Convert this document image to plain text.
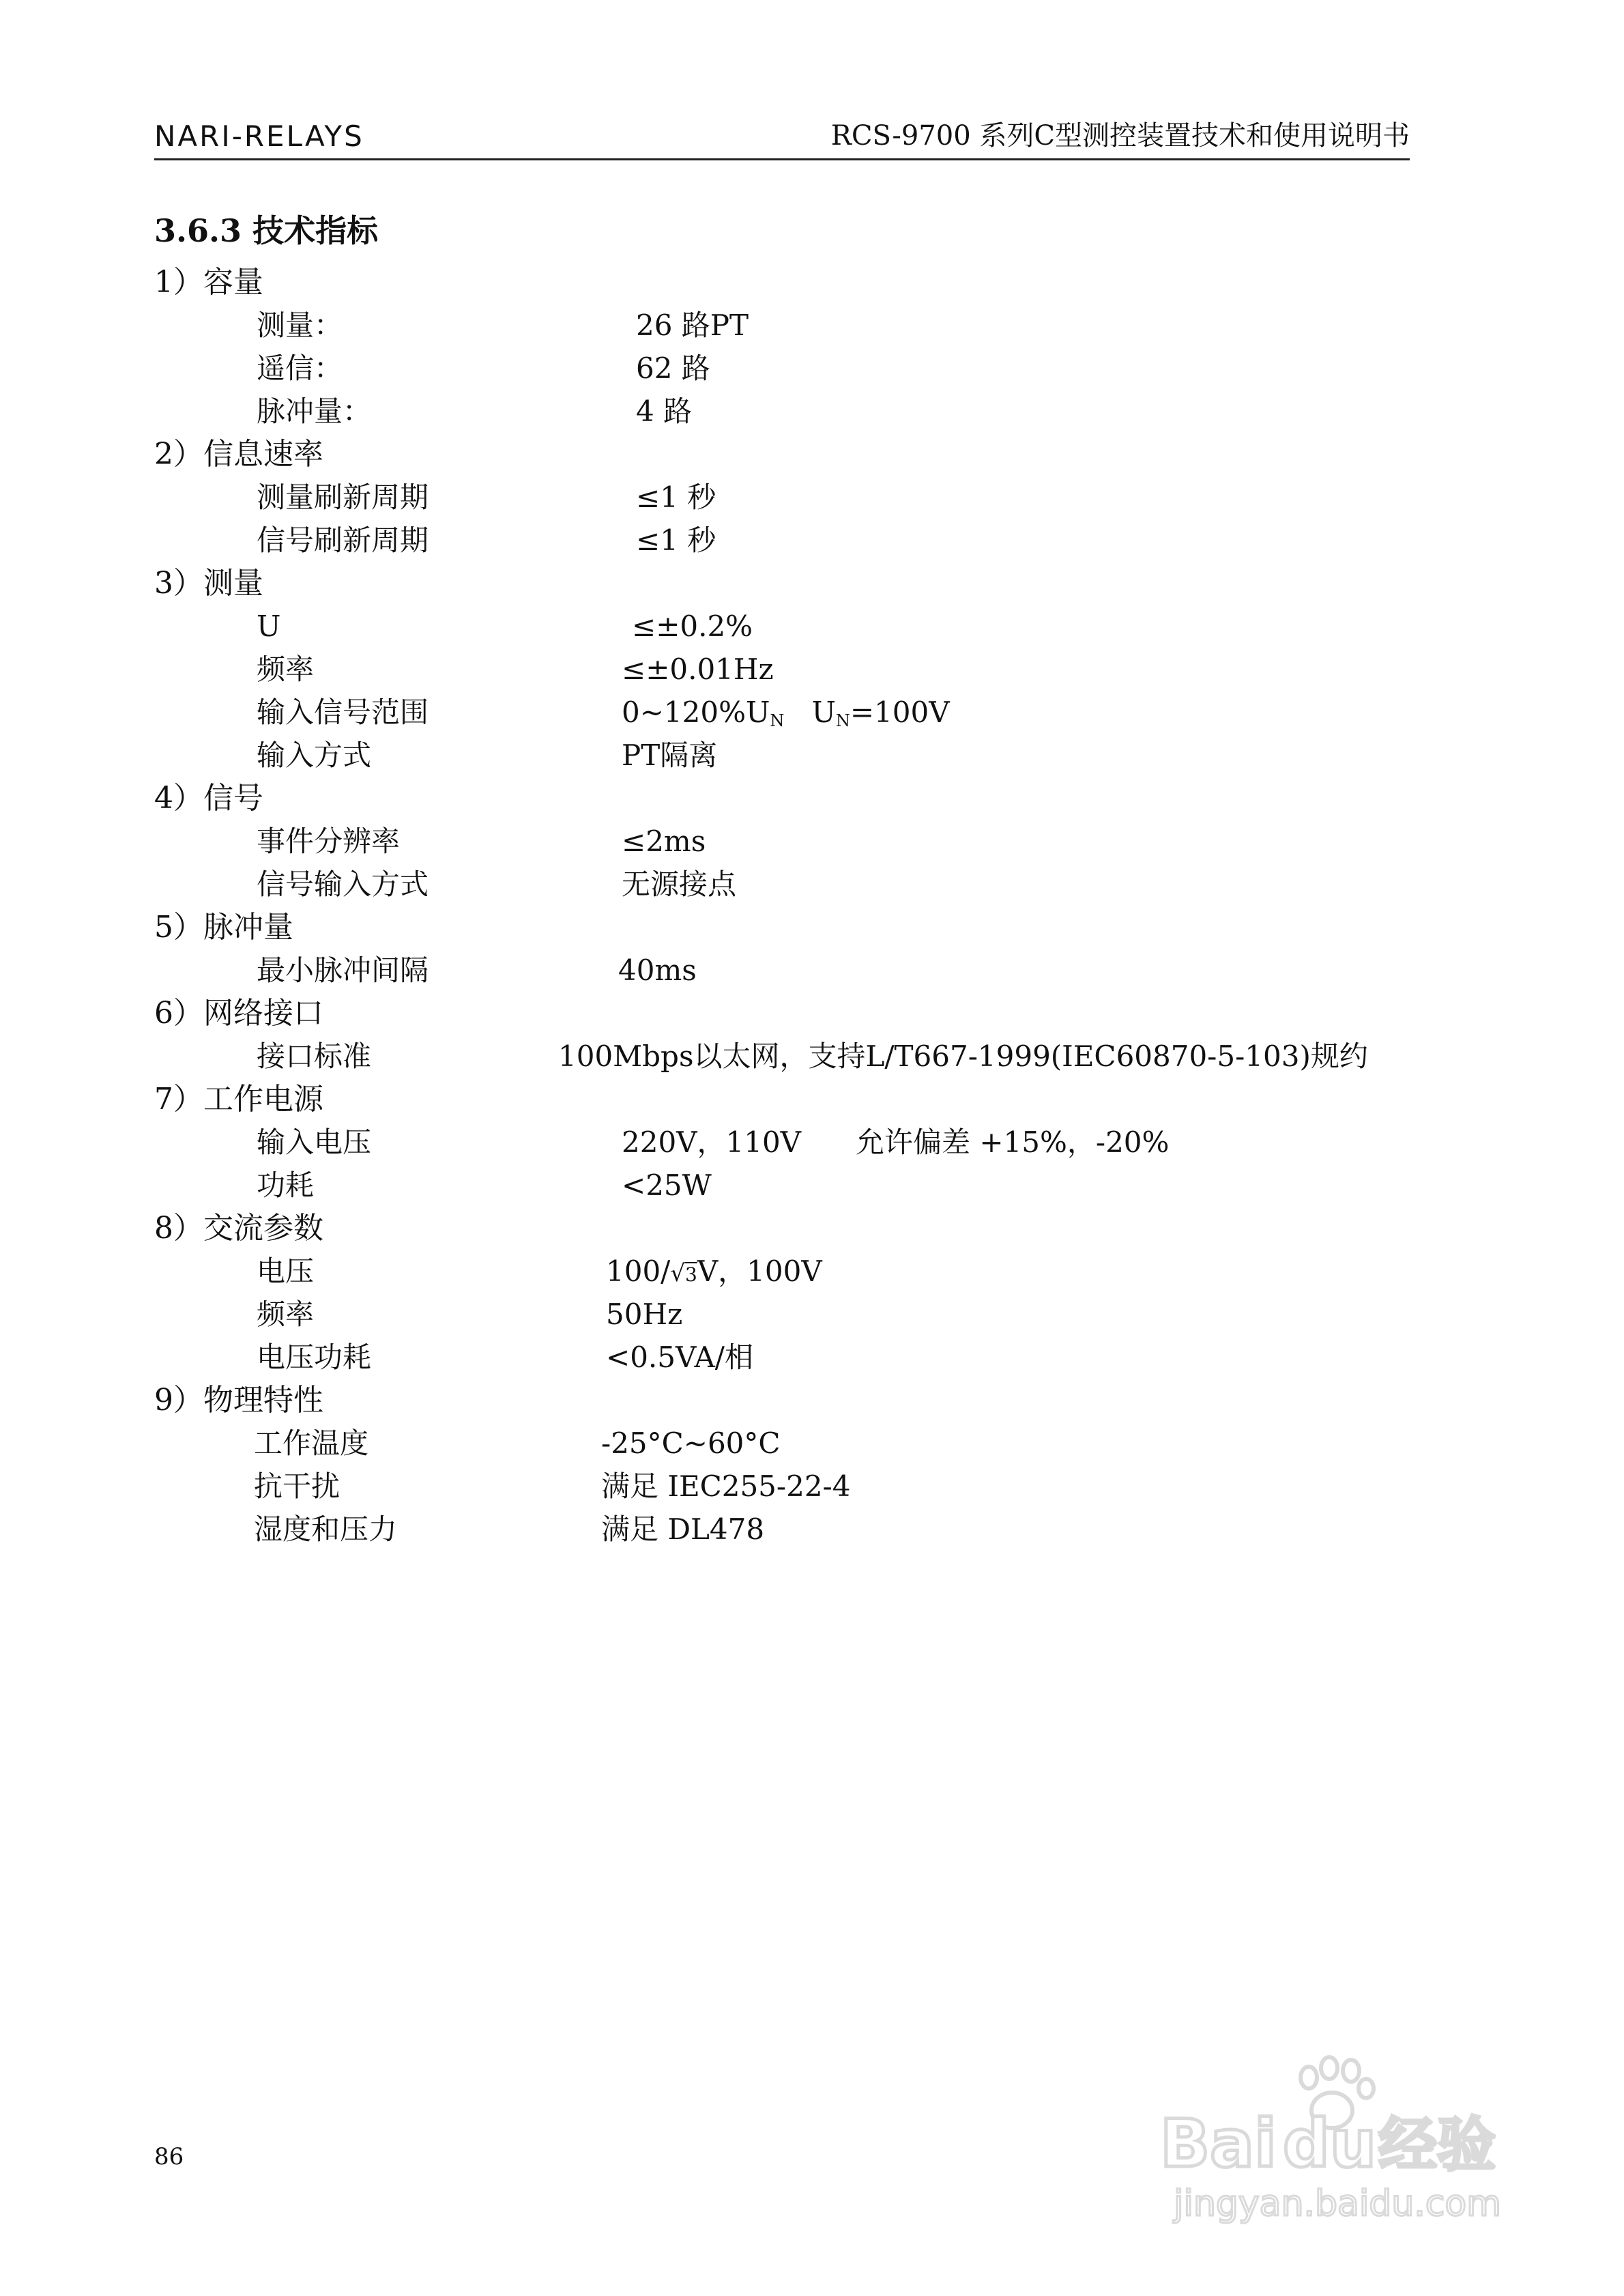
NARI-RELAYS	RCS-9700 系列C型测控装置技术和使用说明书
3.6.3 技术指标
1）容量
测量：	26 路PT
遥信：	62 路
脉冲量：	4 路
2）信息速率
测量刷新周期	≤1 秒
信号刷新周期	≤1 秒
3）测量
U	≤±0.2%
频率	≤±0.01Hz
输入信号范围	$0\sim 120\%U_N$ $U_N=100V$
输入方式	PT隔离
4）信号
事件分辨率	≤2ms
信号输入方式	无源接点
5）脉冲量
最小脉冲间隔	40ms
6）网络接口
接口标准	100Mbps以太网，支持L/T667-1999(IEC60870-5-103)规约
7）工作电源
输入电压	220V，110V 允许偏差 +15%，-20%
功耗	<25W
8）交流参数
电压	100/√3V，100V
频率	50Hz
电压功耗	<0.5VA/相
9）物理特性
工作温度	-25°C~60°C
抗干扰	满足 IEC255-22-4
湿度和压力	满足 DL478
86	Bai du 经验
jingyan.baidu.com
